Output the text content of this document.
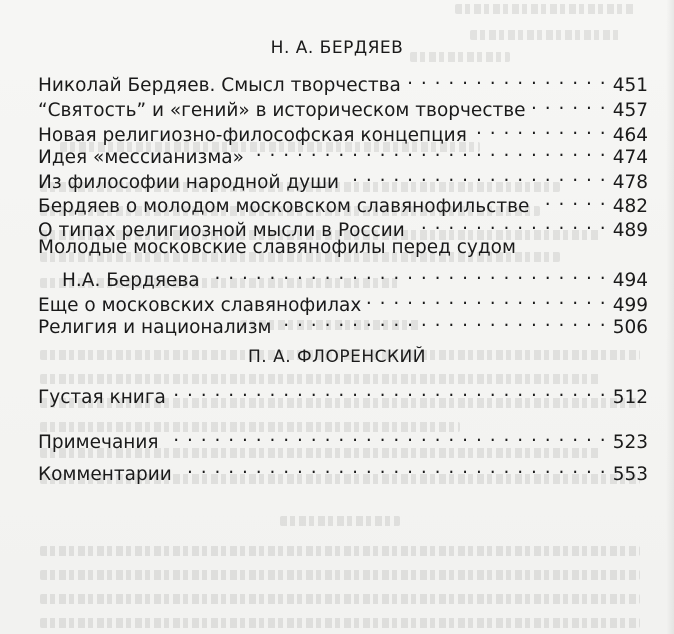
Н. А. БЕРДЯЕВ
Николай Бердяев. Смысл творчества . . .	451
“Святость” и «гений» в историческом творчестве . . .	457
Новая религиозно-философская концепция . . .	464
Идея «мессианизма» . . .	474
Из философии народной души . . .	478
Бердяев о молодом московском славянофильстве . . .	482
О типах религиозной мысли в России . . .	489
Молодые московские славянофилы перед судом
Н.А. Бердяева . . .	494
Еще о московских славянофилах . . .	499
Религия и национализм . . .	506
П. А. ФЛОРЕНСКИЙ
Густая книга . . .	512
Примечания . . .	523
Комментарии . . .	553
